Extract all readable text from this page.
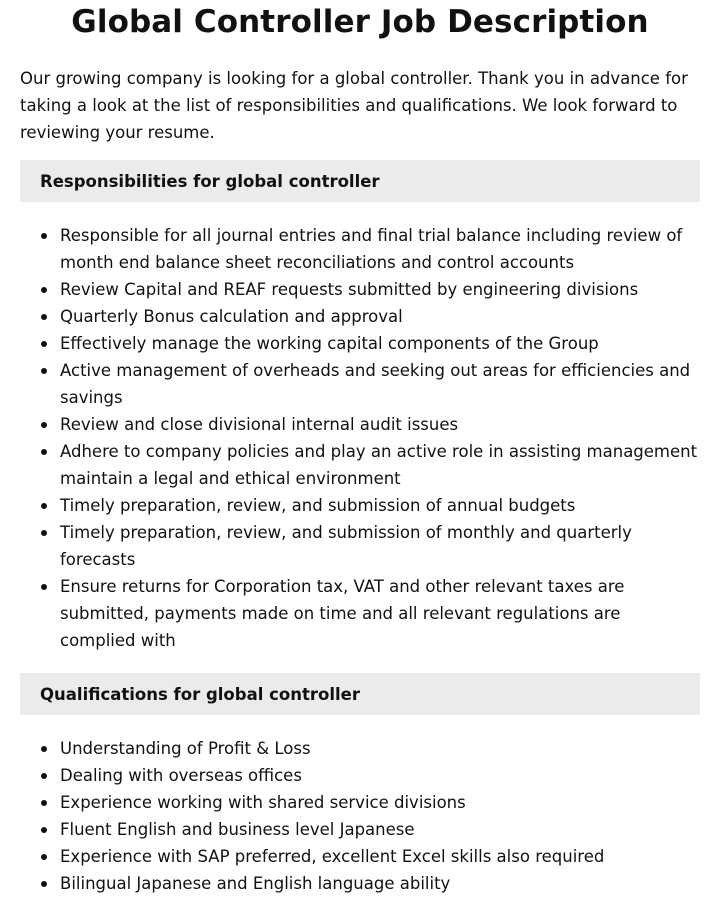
Global Controller Job Description

Our growing company is looking for a global controller. Thank you in advance for taking a look at the list of responsibilities and qualifications. We look forward to reviewing your resume.

Responsibilities for global controller
Responsible for all journal entries and final trial balance including review of month end balance sheet reconciliations and control accounts
Review Capital and REAF requests submitted by engineering divisions
Quarterly Bonus calculation and approval
Effectively manage the working capital components of the Group
Active management of overheads and seeking out areas for efficiencies and savings
Review and close divisional internal audit issues
Adhere to company policies and play an active role in assisting management maintain a legal and ethical environment
Timely preparation, review, and submission of annual budgets
Timely preparation, review, and submission of monthly and quarterly forecasts
Ensure returns for Corporation tax, VAT and other relevant taxes are submitted, payments made on time and all relevant regulations are complied with
Qualifications for global controller
Understanding of Profit & Loss
Dealing with overseas offices
Experience working with shared service divisions
Fluent English and business level Japanese
Experience with SAP preferred, excellent Excel skills also required
Bilingual Japanese and English language ability
